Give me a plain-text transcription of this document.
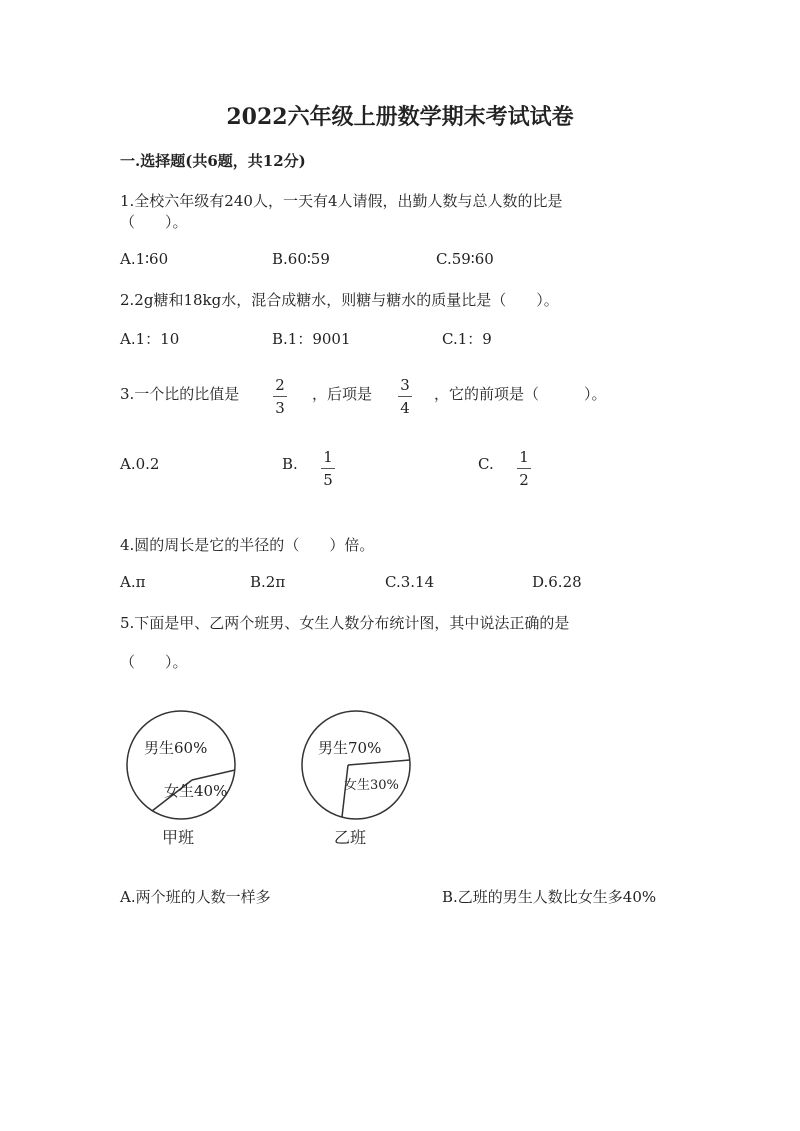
2022六年级上册数学期末考试试卷
一.选择题(共6题，共12分)
1.全校六年级有240人，一天有4人请假，出勤人数与总人数的比是
（　　）。
A.1∶60	B.60∶59	C.59∶60
2.2g糖和18kg水，混合成糖水，则糖与糖水的质量比是（　　）。
A.1：10	B.1：9001	C.1：9
3.一个比的比值是	2
3
，后项是	3
4
，它的前项是（　　　）。
A.0.2	B.	1
5
C.	1
2
4.圆的周长是它的半径的（　　）倍。
A.π	B.2π	C.3.14	D.6.28
5.下面是甲、乙两个班男、女生人数分布统计图，其中说法正确的是
（　　）。
男生60%
女生40%
甲班
男生70%
女生30%
乙班
A.两个班的人数一样多	B.乙班的男生人数比女生多40%
